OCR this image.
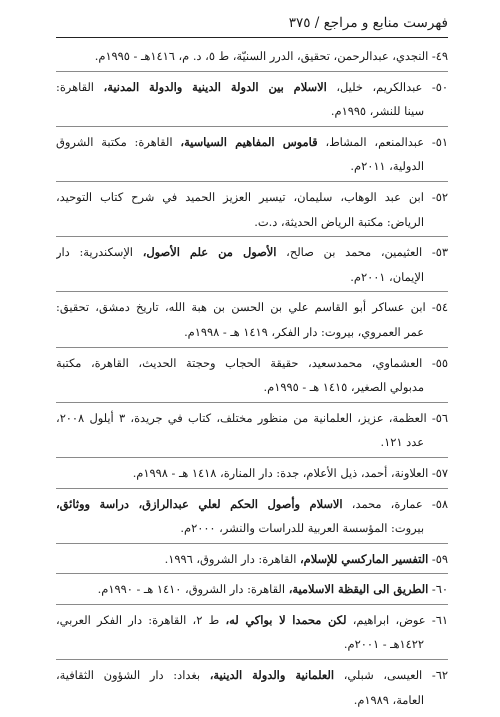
فهرست منابع و مراجع / ٣٧٥
٤٩- النجدي، عبدالرحمن، تحقيق، الدرر السنيّة، ط ٥، د. م، ١٤١٦هـ - ١٩٩٥م.
٥٠- عبدالكريم، خليل، الاسلام بين الدولة الدينية والدولة المدنية، القاهرة:
سينا للنشر، ١٩٩٥م.
٥١- عبدالمنعم، المشاط، قاموس المفاهيم السياسية، القاهرة: مكتبة الشروق
الدولية، ٢٠١١م.
٥٢- ابن عبد الوهاب، سليمان، تيسير العزيز الحميد في شرح كتاب التوحيد،
الرياض: مكتبة الرياض الحديثة، د.ت.
٥٣- العثيمين، محمد بن صالح، الأصول من علم الأصول، الإسكندرية: دار
الإيمان، ٢٠٠١م.
٥٤- ابن عساكر أبو القاسم علي بن الحسن بن هبة الله، تاريخ دمشق، تحقيق:
عمر العمروي، بيروت: دار الفكر، ١٤١٩ هـ - ١٩٩٨م.
٥٥- العشماوي، محمدسعيد، حقيقة الحجاب وحجتة الحديث، القاهرة، مكتبة
مدبولي الصغير، ١٤١٥ هـ - ١٩٩٥م.
٥٦- العظمة، عزيز، العلمانية من منظور مختلف، كتاب في جريدة، ٣ أيلول ٢٠٠٨،
عدد ١٢١.
٥٧- العلاونة، أحمد، ذيل الأعلام، جدة: دار المنارة، ١٤١٨ هـ - ١٩٩٨م.
٥٨- عمارة، محمد، الاسلام وأصول الحكم لعلي عبدالرازق، دراسة ووثائق،
بيروت: المؤسسة العربية للدراسات والنشر، ٢٠٠٠م.
٥٩- التفسير الماركسي للإسلام، القاهرة: دار الشروق، ١٩٩٦.
٦٠- الطريق الى اليقظة الاسلامية، القاهرة: دار الشروق، ١٤١٠ هـ - ١٩٩٠م.
٦١- عوض، ابراهيم، لكن محمدا لا بواكي له، ط ٢، القاهرة: دار الفكر العربي،
١٤٢٢هـ - ٢٠٠١م.
٦٢- العيسى، شبلي، العلمانية والدولة الدينية، بغداد: دار الشؤون الثقافية،
العامة، ١٩٨٩م.
